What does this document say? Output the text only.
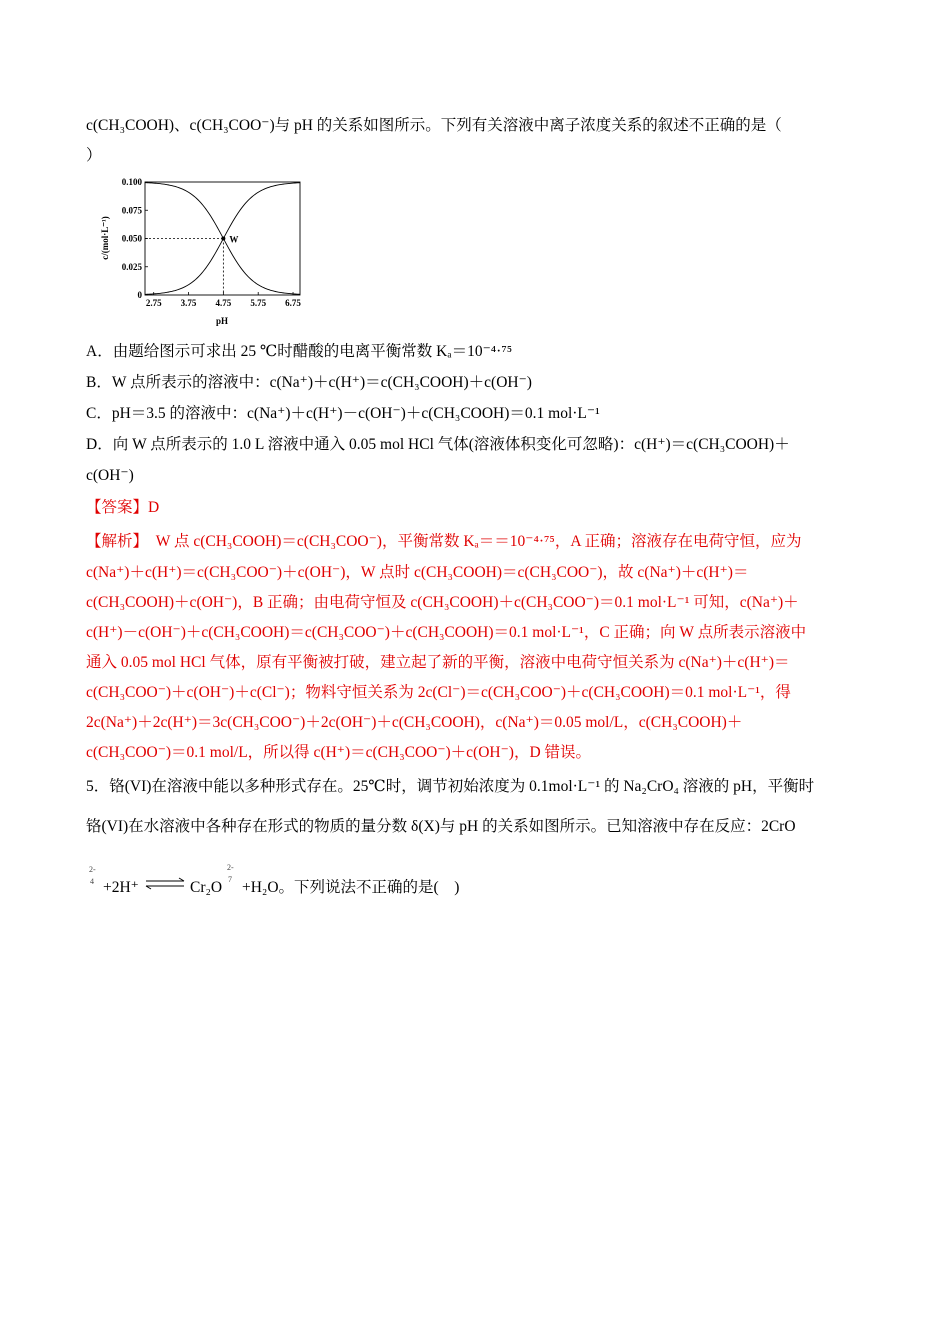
c(CH₃COOH)、c(CH₃COO⁻)与 pH 的关系如图所示。下列有关溶液中离子浓度关系的叙述不正确的是（
）
2.75 3.75 4.75 5.75 6.75
0
0.025
0.050
0.075
0.100
W
pH
c/(mol·L⁻¹)
A．由题给图示可求出 25 ℃时醋酸的电离平衡常数 Kₐ＝10⁻⁴·⁷⁵
B．W 点所表示的溶液中：c(Na⁺)＋c(H⁺)＝c(CH₃COOH)＋c(OH⁻)
C．pH＝3.5 的溶液中：c(Na⁺)＋c(H⁺)－c(OH⁻)＋c(CH₃COOH)＝0.1 mol·L⁻¹
D．向 W 点所表示的 1.0 L 溶液中通入 0.05 mol HCl 气体(溶液体积变化可忽略)：c(H⁺)＝c(CH₃COOH)＋
c(OH⁻)
【答案】D
【解析】　W 点 c(CH₃COOH)＝c(CH₃COO⁻)，平衡常数 Kₐ＝＝10⁻⁴·⁷⁵，A 正确；溶液存在电荷守恒，应为
c(Na⁺)＋c(H⁺)＝c(CH₃COO⁻)＋c(OH⁻)，W 点时 c(CH₃COOH)＝c(CH₃COO⁻)，故 c(Na⁺)＋c(H⁺)＝
c(CH₃COOH)＋c(OH⁻)，B 正确；由电荷守恒及 c(CH₃COOH)＋c(CH₃COO⁻)＝0.1 mol·L⁻¹ 可知，c(Na⁺)＋
c(H⁺)－c(OH⁻)＋c(CH₃COOH)＝c(CH₃COO⁻)＋c(CH₃COOH)＝0.1 mol·L⁻¹，C 正确；向 W 点所表示溶液中
通入 0.05 mol HCl 气体，原有平衡被打破，建立起了新的平衡，溶液中电荷守恒关系为 c(Na⁺)＋c(H⁺)＝
c(CH₃COO⁻)＋c(OH⁻)＋c(Cl⁻)；物料守恒关系为 2c(Cl⁻)＝c(CH₃COO⁻)＋c(CH₃COOH)＝0.1 mol·L⁻¹，得
2c(Na⁺)＋2c(H⁺)＝3c(CH₃COO⁻)＋2c(OH⁻)＋c(CH₃COOH)，c(Na⁺)＝0.05 mol/L，c(CH₃COOH)＋
c(CH₃COO⁻)＝0.1 mol/L，所以得 c(H⁺)＝c(CH₃COO⁻)＋c(OH⁻)，D 错误。
5．铬(VI)在溶液中能以多种形式存在。25℃时，调节初始浓度为 0.1mol·L⁻¹ 的 Na₂CrO₄ 溶液的 pH，平衡时
铬(VI)在水溶液中各种存在形式的物质的量分数 δ(X)与 pH 的关系如图所示。已知溶液中存在反应：2CrO
2-
4 +2H⁺ ⇌ Cr₂O
2-
7 +H₂O。下列说法不正确的是(　)
